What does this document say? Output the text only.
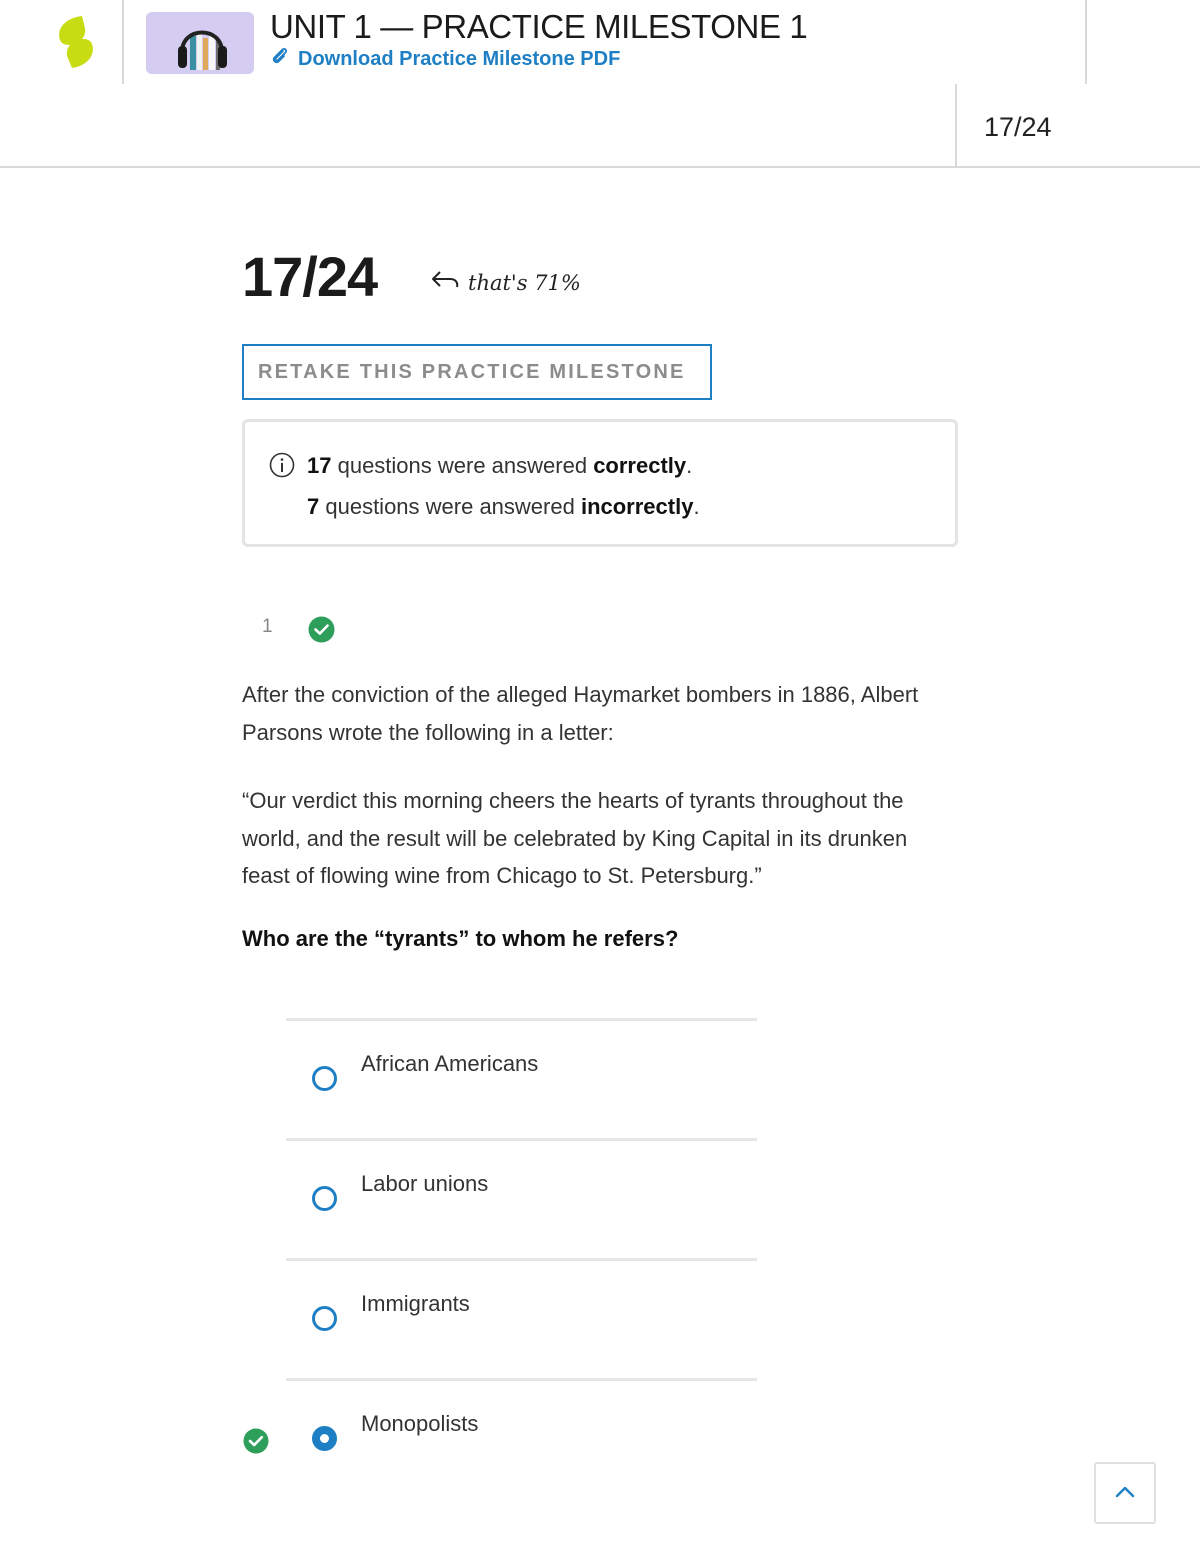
UNIT 1 — PRACTICE MILESTONE 1
Download Practice Milestone PDF
17/24
17/24	that's 71%
RETAKE THIS PRACTICE MILESTONE
17 questions were answered correctly.
7 questions were answered incorrectly.
1

After the conviction of the alleged Haymarket bombers in 1886, Albert Parsons wrote the following in a letter:

“Our verdict this morning cheers the hearts of tyrants throughout the world, and the result will be celebrated by King Capital in its drunken feast of flowing wine from Chicago to St. Petersburg.”

Who are the “tyrants” to whom he refers?
African Americans
Labor unions
Immigrants
Monopolists
